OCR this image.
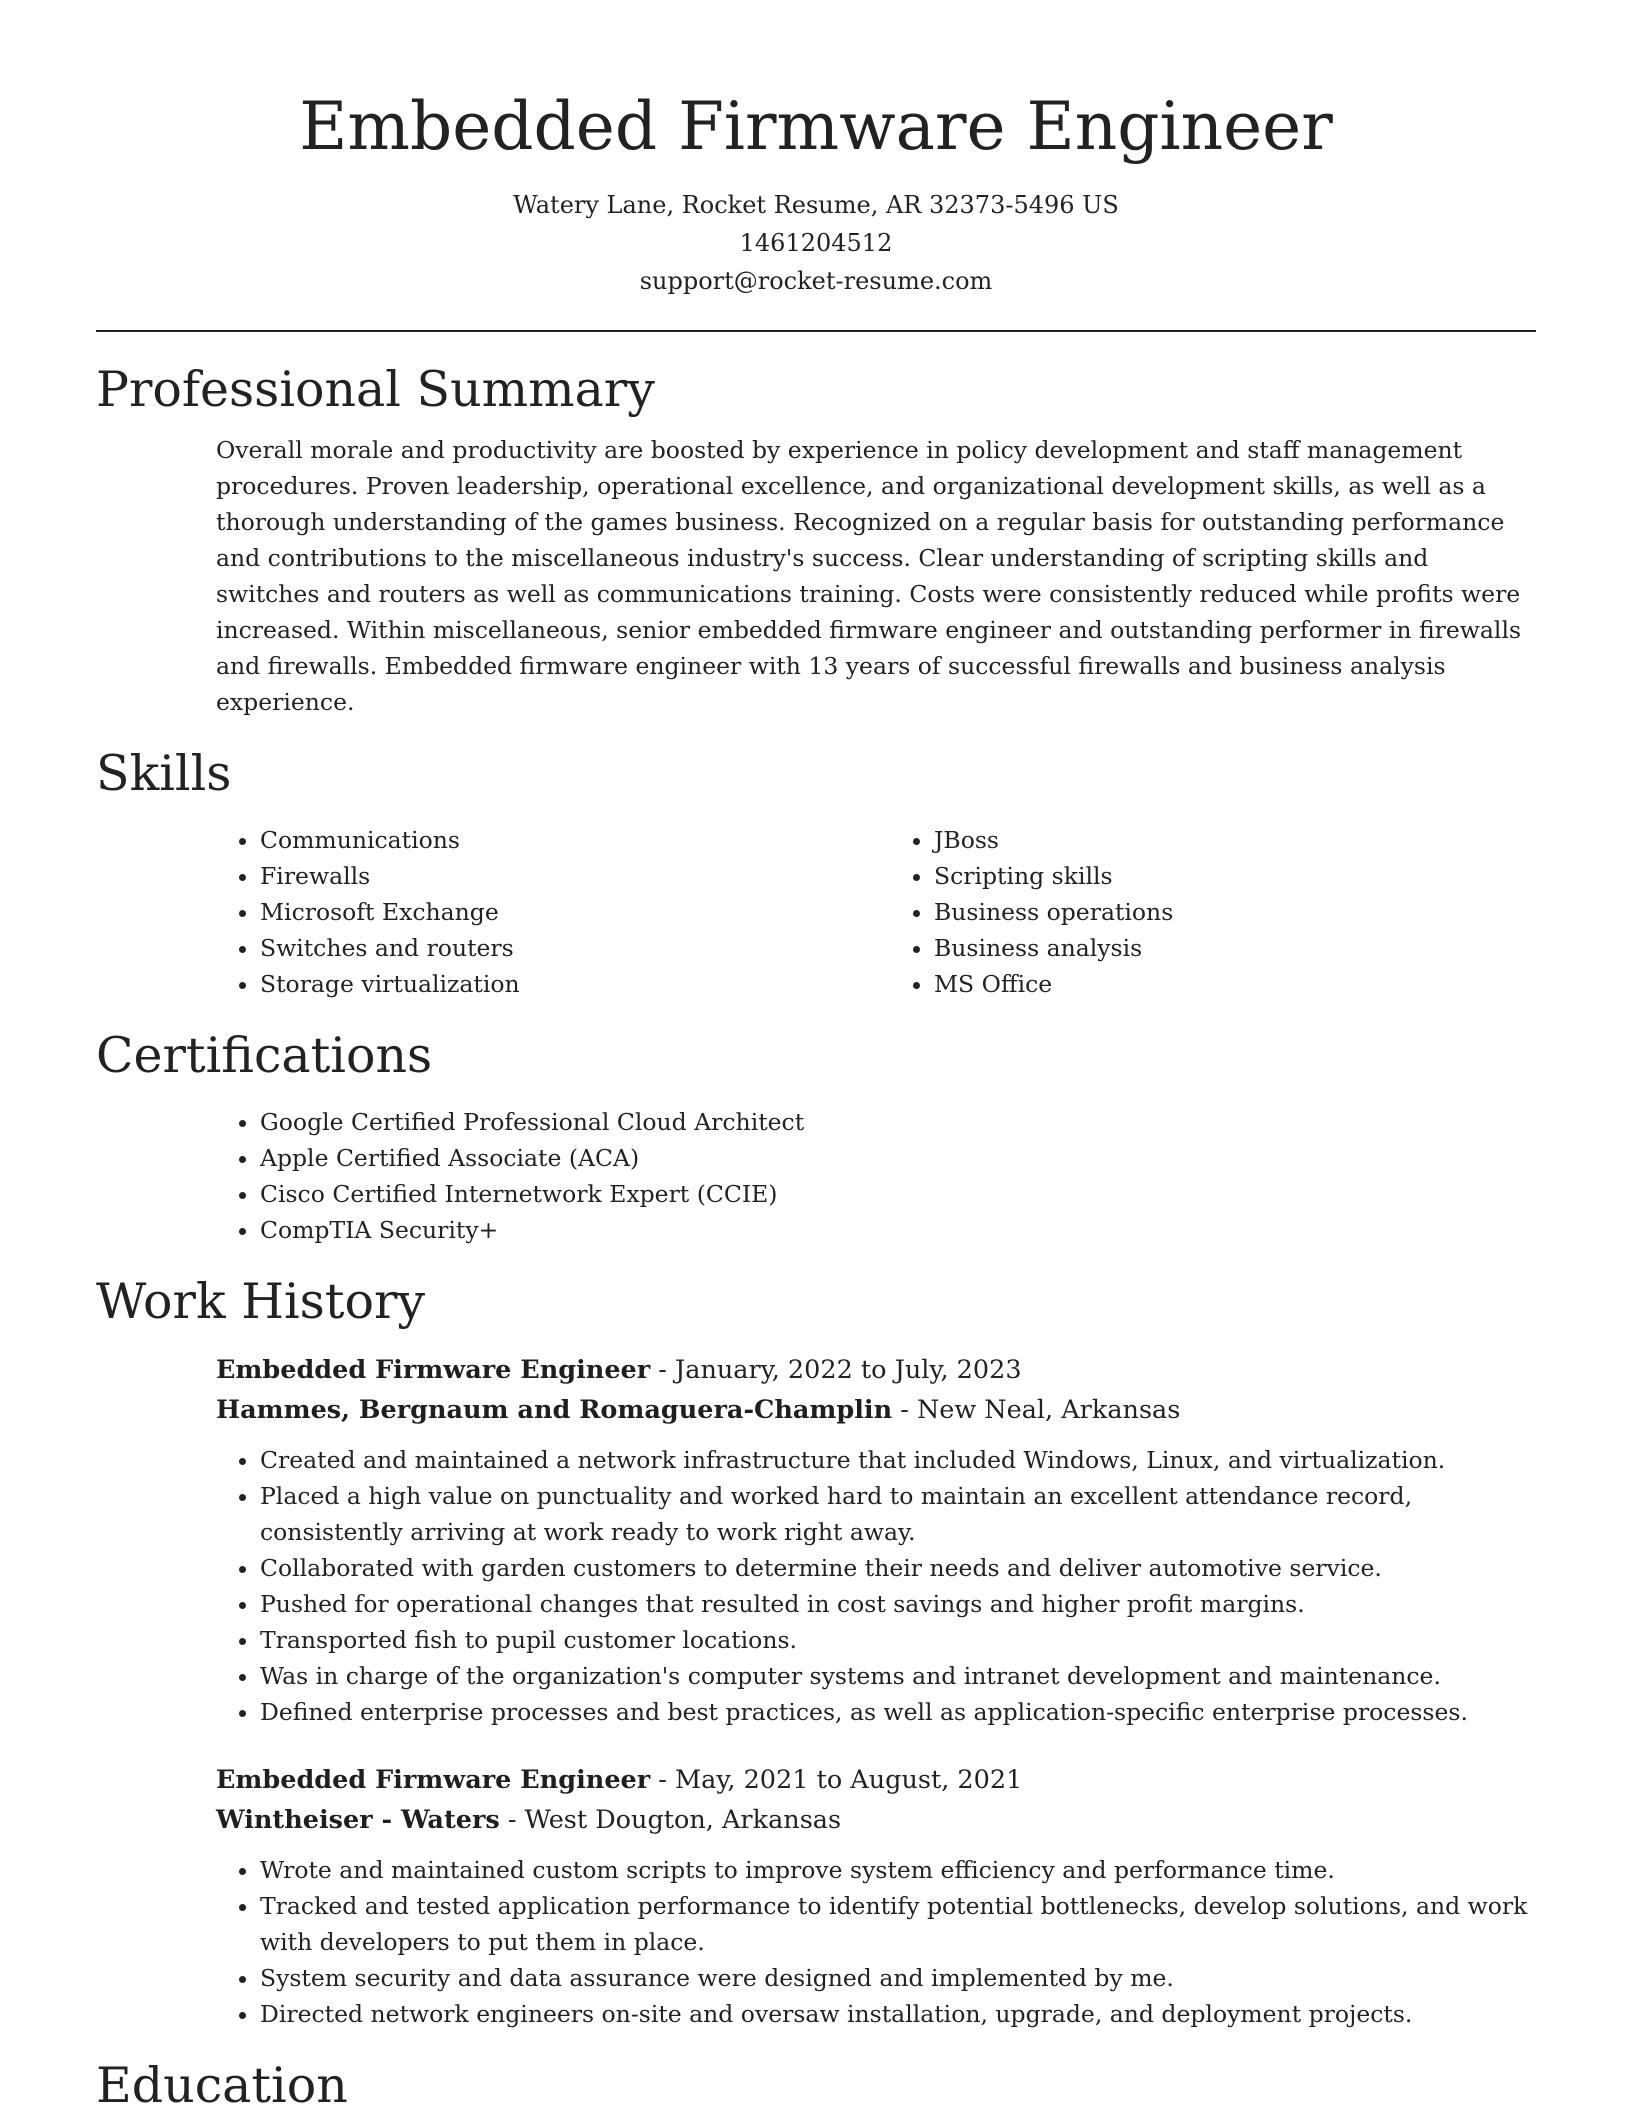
Embedded Firmware Engineer
Watery Lane, Rocket Resume, AR 32373-5496 US
1461204512
support@rocket-resume.com
Professional Summary
Overall morale and productivity are boosted by experience in policy development and staff management procedures. Proven leadership, operational excellence, and organizational development skills, as well as a thorough understanding of the games business. Recognized on a regular basis for outstanding performance and contributions to the miscellaneous industry's success. Clear understanding of scripting skills and switches and routers as well as communications training. Costs were consistently reduced while profits were increased. Within miscellaneous, senior embedded firmware engineer and outstanding performer in firewalls and firewalls. Embedded firmware engineer with 13 years of successful firewalls and business analysis experience.
Skills
• Communications
• Firewalls
• Microsoft Exchange
• Switches and routers
• Storage virtualization
• JBoss
• Scripting skills
• Business operations
• Business analysis
• MS Office
Certifications
• Google Certified Professional Cloud Architect
• Apple Certified Associate (ACA)
• Cisco Certified Internetwork Expert (CCIE)
• CompTIA Security+
Work History
Embedded Firmware Engineer - January, 2022 to July, 2023
Hammes, Bergnaum and Romaguera-Champlin - New Neal, Arkansas
• Created and maintained a network infrastructure that included Windows, Linux, and virtualization.
• Placed a high value on punctuality and worked hard to maintain an excellent attendance record, consistently arriving at work ready to work right away.
• Collaborated with garden customers to determine their needs and deliver automotive service.
• Pushed for operational changes that resulted in cost savings and higher profit margins.
• Transported fish to pupil customer locations.
• Was in charge of the organization's computer systems and intranet development and maintenance.
• Defined enterprise processes and best practices, as well as application-specific enterprise processes.
Embedded Firmware Engineer - May, 2021 to August, 2021
Wintheiser - Waters - West Dougton, Arkansas
• Wrote and maintained custom scripts to improve system efficiency and performance time.
• Tracked and tested application performance to identify potential bottlenecks, develop solutions, and work with developers to put them in place.
• System security and data assurance were designed and implemented by me.
• Directed network engineers on-site and oversaw installation, upgrade, and deployment projects.
Education
